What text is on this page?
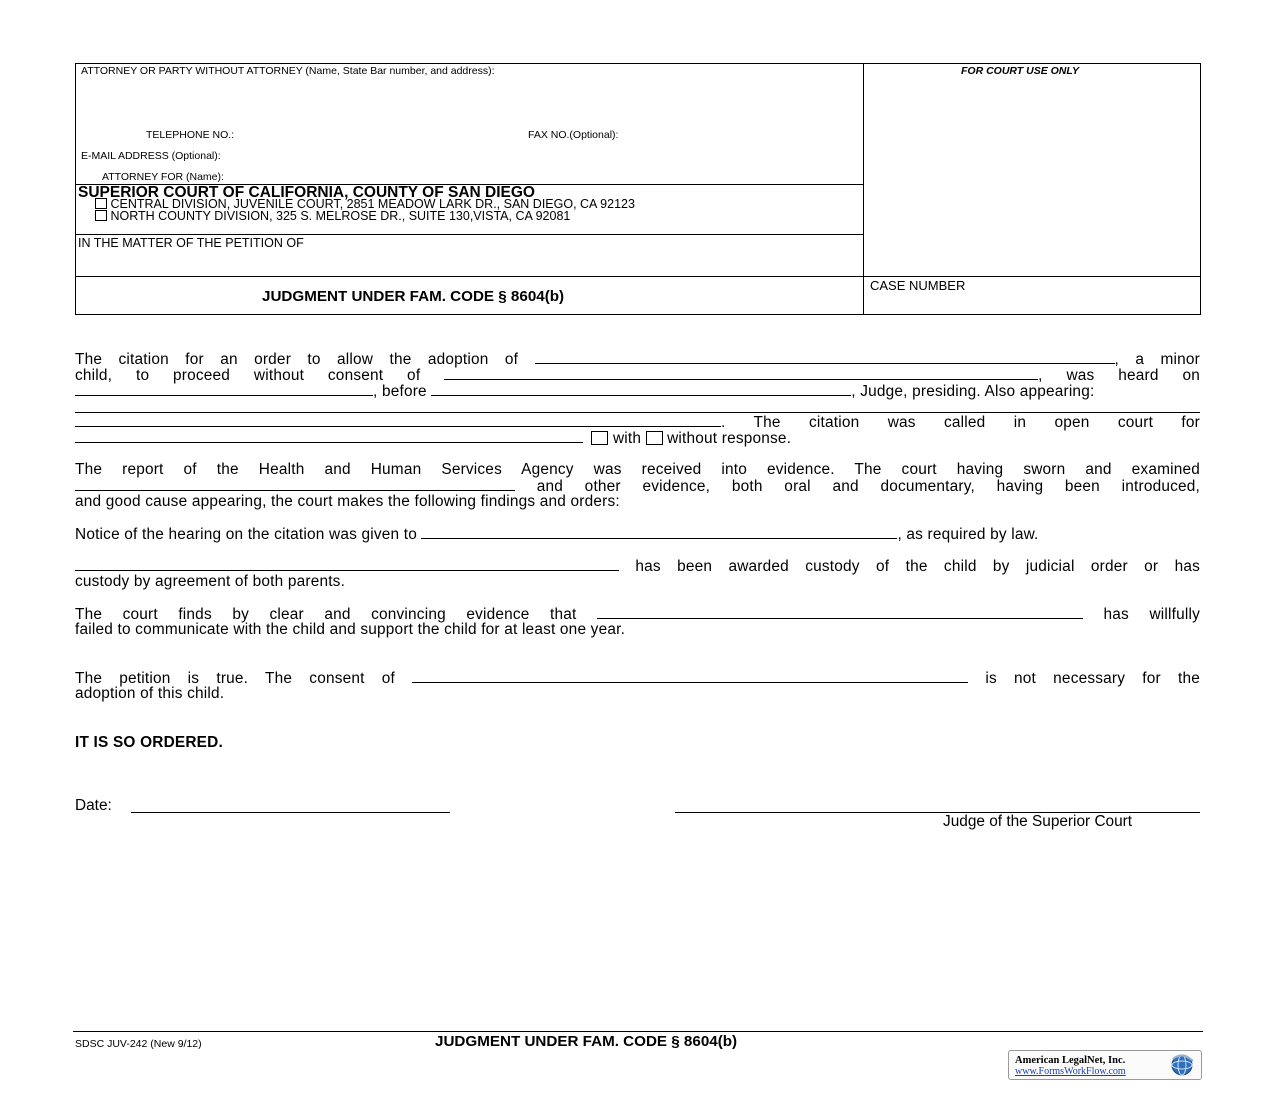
ATTORNEY OR PARTY WITHOUT ATTORNEY (Name, State Bar number, and address):	FOR COURT USE ONLY
TELEPHONE NO.:	FAX NO.(Optional):
E-MAIL ADDRESS (Optional):
ATTORNEY FOR (Name):
SUPERIOR COURT OF CALIFORNIA, COUNTY OF SAN DIEGO
CENTRAL DIVISION, JUVENILE COURT, 2851 MEADOW LARK DR., SAN DIEGO, CA 92123
NORTH COUNTY DIVISION, 325 S. MELROSE DR., SUITE 130,VISTA, CA 92081
IN THE MATTER OF THE PETITION OF
JUDGMENT UNDER FAM. CODE § 8604(b)
CASE NUMBER
The citation for an order to allow the adoption of	, a minor
child, to proceed without consent of	, was heard on
, before	, Judge, presiding. Also appearing:
. The citation was called in open court for
with without response.
The report of the Health and Human Services Agency was received into evidence. The court having sworn and examined
and other evidence, both oral and documentary, having been introduced,
and good cause appearing, the court makes the following findings and orders:
Notice of the hearing on the citation was given to	, as required by law.
has been awarded custody of the child by judicial order or has
custody by agreement of both parents.
The court finds by clear and convincing evidence that	has willfully
failed to communicate with the child and support the child for at least one year.
The petition is true. The consent of	is not necessary for the
adoption of this child.
IT IS SO ORDERED.
Date:
Judge of the Superior Court
SDSC JUV-242 (New 9/12)	JUDGMENT UNDER FAM. CODE § 8604(b)
American LegalNet, Inc.
www.FormsWorkFlow.com
